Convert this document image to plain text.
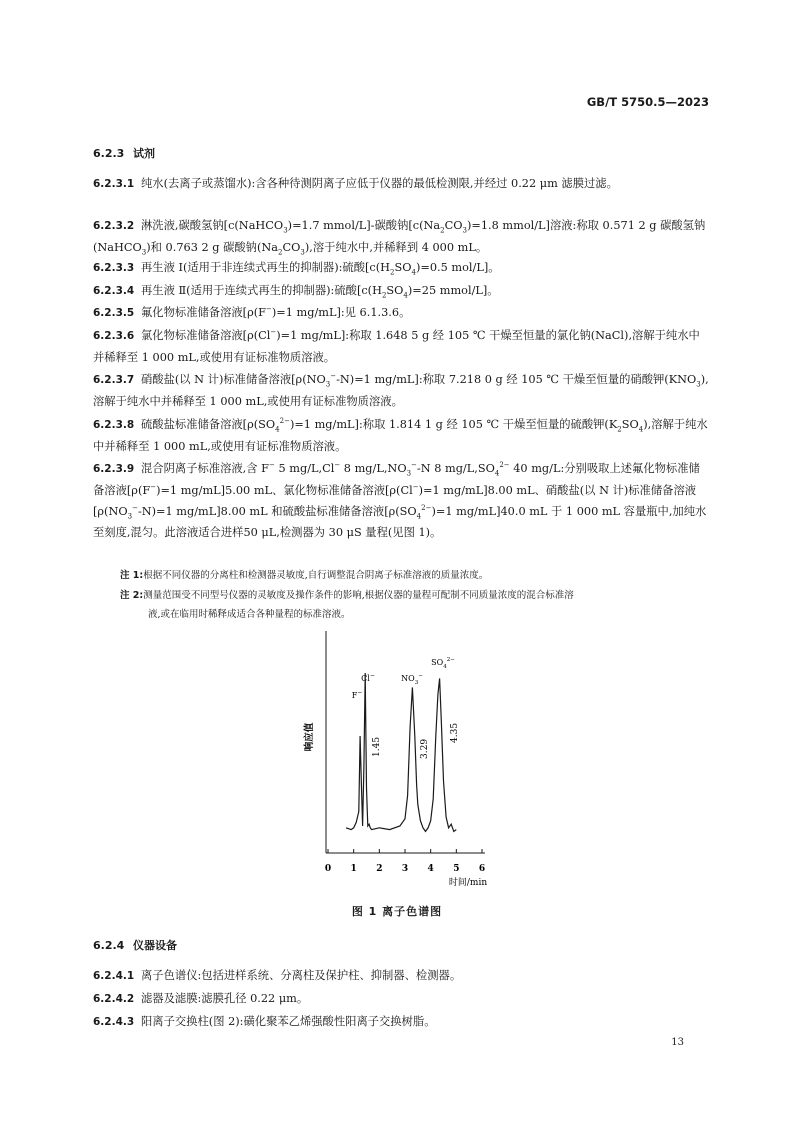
GB/T 5750.5—2023
6.2.3 试剂
6.2.3.1 纯水(去离子或蒸馏水):含各种待测阴离子应低于仪器的最低检测限,并经过 0.22 μm 滤膜过滤。
6.2.3.2 淋洗液,碳酸氢钠[c(NaHCO$_3$)=1.7 mmol/L]-碳酸钠[$c(Na_2CO_3)=1.8$ mmol/L]溶液:称取 0.571 2 g 碳酸氢钠(NaHCO$_3$)和 0.763 2 g 碳酸钠$(Na_2CO_3)$,溶于纯水中,并稀释到 4 000 mL。
6.2.3.3 再生液 Ⅰ(适用于非连续式再生的抑制器):硫酸[$c(H_2SO_4)=0.5$ mol/L]。
6.2.3.4 再生液 Ⅱ(适用于连续式再生的抑制器):硫酸[$c(H_2SO_4)=25$ mmol/L]。
6.2.3.5 氟化物标准储备溶液[ρ(F−)=1 mg/mL]:见 6.1.3.6。
6.2.3.6 氯化物标准储备溶液[ρ(Cl−)=1 mg/mL]:称取 1.648 5 g 经 105 ℃ 干燥至恒量的氯化钠(NaCl),溶解于纯水中并稀释至 1 000 mL,或使用有证标准物质溶液。
6.2.3.7 硝酸盐(以 N 计)标准储备溶液[$\rho(NO_3^--N)=1$ mg/mL]:称取 7.218 0 g 经 105 ℃ 干燥至恒量的硝酸钾$(KNO_3)$,溶解于纯水中并稀释至 1 000 mL,或使用有证标准物质溶液。
6.2.3.8 硫酸盐标准储备溶液[$\rho(SO_4^{2-})=1$ mg/mL]:称取 1.814 1 g 经 105 ℃ 干燥至恒量的硫酸钾$(K_2SO_4)$,溶解于纯水中并稀释至 1 000 mL,或使用有证标准物质溶液。
6.2.3.9 混合阴离子标准溶液,含 F− 5 mg/L,Cl− 8 $mg/L,NO_3^--N$ 8 $mg/L,SO_4^{2-}$ 40 mg/L:分别吸取上述氟化物标准储备溶液[ρ(F−)=1 mg/mL]5.00 mL、氯化物标准储备溶液[ρ(Cl−)=1 mg/mL]8.00 mL、硝酸盐(以 N 计)标准储备溶液[$\rho(NO_3^--N)=1$ mg/mL]8.00 mL 和硫酸盐标准储备溶液[$\rho(SO_4^{2-})=1$ mg/mL]40.0 mL 于 1 000 mL 容量瓶中,加纯水至刻度,混匀。此溶液适合进样50 μL,检测器为 30 μS 量程(见图 1)。
注 1:根据不同仪器的分离柱和检测器灵敏度,自行调整混合阴离子标准溶液的质量浓度。
注 2:测量范围受不同型号仪器的灵敏度及操作条件的影响,根据仪器的量程可配制不同质量浓度的混合标准溶
液,或在临用时稀释成适合各种量程的标准溶液。
0 1 2 3 4 5 6
响应值
时间/min
F−
Cl−	$NO_3^-$
$SO_4^{2-}$
1.45	3.29
4.35
图 1 离子色谱图
6.2.4 仪器设备
6.2.4.1 离子色谱仪:包括进样系统、分离柱及保护柱、抑制器、检测器。
6.2.4.2 滤器及滤膜:滤膜孔径 0.22 μm。
6.2.4.3 阳离子交换柱(图 2):磺化聚苯乙烯强酸性阳离子交换树脂。
13
